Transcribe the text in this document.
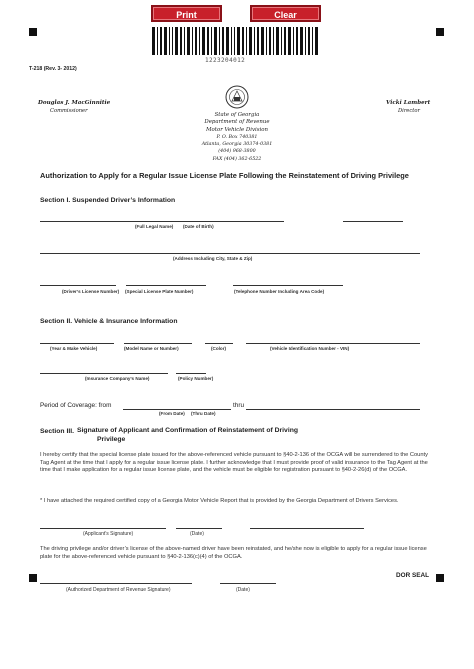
Print	Clear
1223204012
T-218 (Rev. 3- 2012)
Douglas J. MacGinnitie
Commissioner
Vicki Lambert
Director
State of Georgia
Department of Revenue
Motor Vehicle Division
P. O. Box 740381
Atlanta, Georgia 30374-0381
(404) 968-3800
FAX (404) 362-6522
Authorization to Apply for a Regular Issue License Plate Following the Reinstatement of Driving Privilege
Section I. Suspended Driver’s Information
(Full Legal Name) (Date of Birth)
(Address Including City, State & Zip)
(Driver’s License Number) (Special License Plate Number)	(Telephone Number Including Area Code)
Section II. Vehicle & Insurance Information
(Year & Make Vehicle)	(Model Name or Number)	(Color)	(Vehicle Identification Number - VIN)
(Insurance Company’s Name)	(Policy Number)
Period of Coverage: from	thru
(From Date) (Thru Date)
Section III. Signature of Applicant and Confirmation of Reinstatement of Driving
Privilege
I hereby certify that the special license plate issued for the above-referenced vehicle pursuant to §40-2-136 of the OCGA will be surrendered to the County Tag Agent at the time that I apply for a regular issue license plate. I further acknowledge that I must provide proof of valid insurance to the Tag Agent at the time that I make application for a regular issue license plate, and the vehicle must be eligible for registration pursuant to §40-2-26(d) of the OCGA.
* I have attached the required certified copy of a Georgia Motor Vehicle Report that is provided by the Georgia Department of Drivers Services.
(Applicant’s Signature)	(Date)
The driving privilege and/or driver’s license of the above-named driver have been reinstated, and he/she now is eligible to apply for a regular issue license plate for the above-referenced vehicle pursuant to §40-2-136(c)(4) of the OCGA.
DOR SEAL
(Authorized Department of Revenue Signature)	(Date)
